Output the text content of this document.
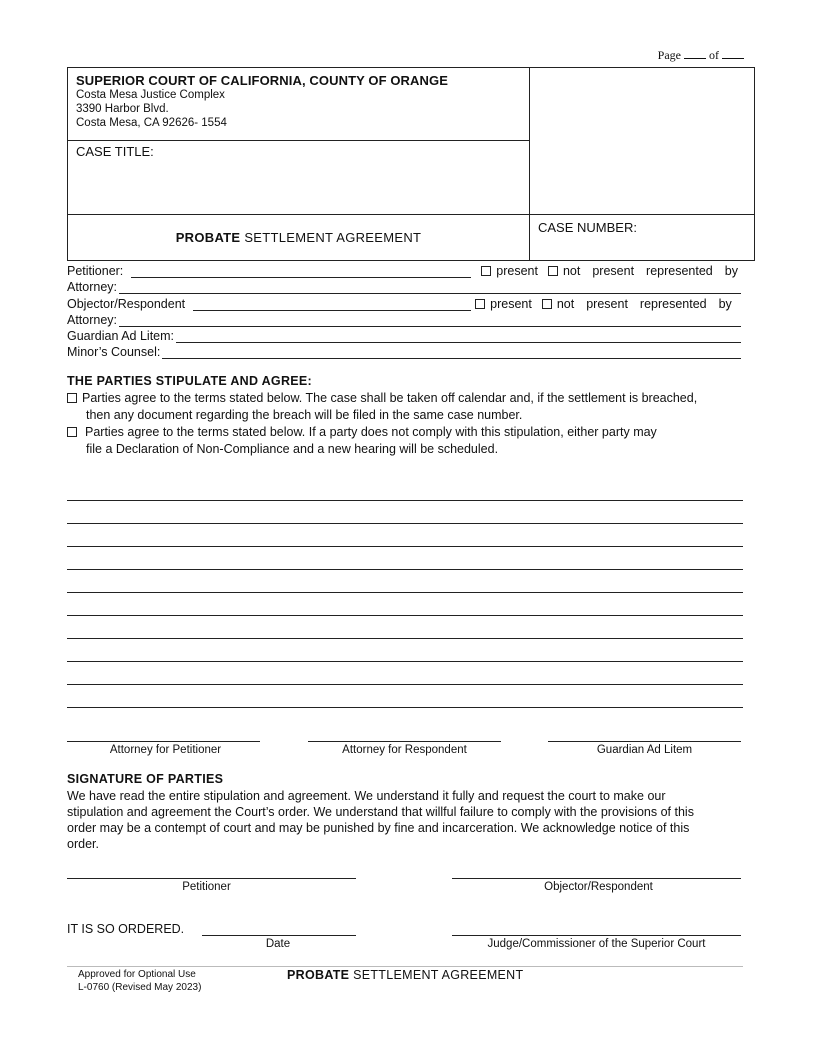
Page of
SUPERIOR COURT OF CALIFORNIA, COUNTY OF ORANGE
Costa Mesa Justice Complex
3390 Harbor Blvd.
Costa Mesa, CA 92626- 1554
CASE TITLE:
PROBATE SETTLEMENT AGREEMENT
CASE NUMBER:
Petitioner:	present	not present represented by
Attorney:
Objector/Respondent	present	not present represented by
Attorney:
Guardian Ad Litem:
Minor’s Counsel:
THE PARTIES STIPULATE AND AGREE:
Parties agree to the terms stated below. The case shall be taken off calendar and, if the settlement is breached,
then any document regarding the breach will be filed in the same case number.
Parties agree to the terms stated below. If a party does not comply with this stipulation, either party may
file a Declaration of Non-Compliance and a new hearing will be scheduled.
Attorney for Petitioner	Attorney for Respondent	Guardian Ad Litem
SIGNATURE OF PARTIES
We have read the entire stipulation and agreement. We understand it fully and request the court to make our
stipulation and agreement the Court’s order. We understand that willful failure to comply with the provisions of this
order may be a contempt of court and may be punished by fine and incarceration. We acknowledge notice of this
order.
Petitioner	Objector/Respondent
IT IS SO ORDERED.
Date	Judge/Commissioner of the Superior Court
Approved for Optional Use
L-0760 (Revised May 2023)
PROBATE SETTLEMENT AGREEMENT
